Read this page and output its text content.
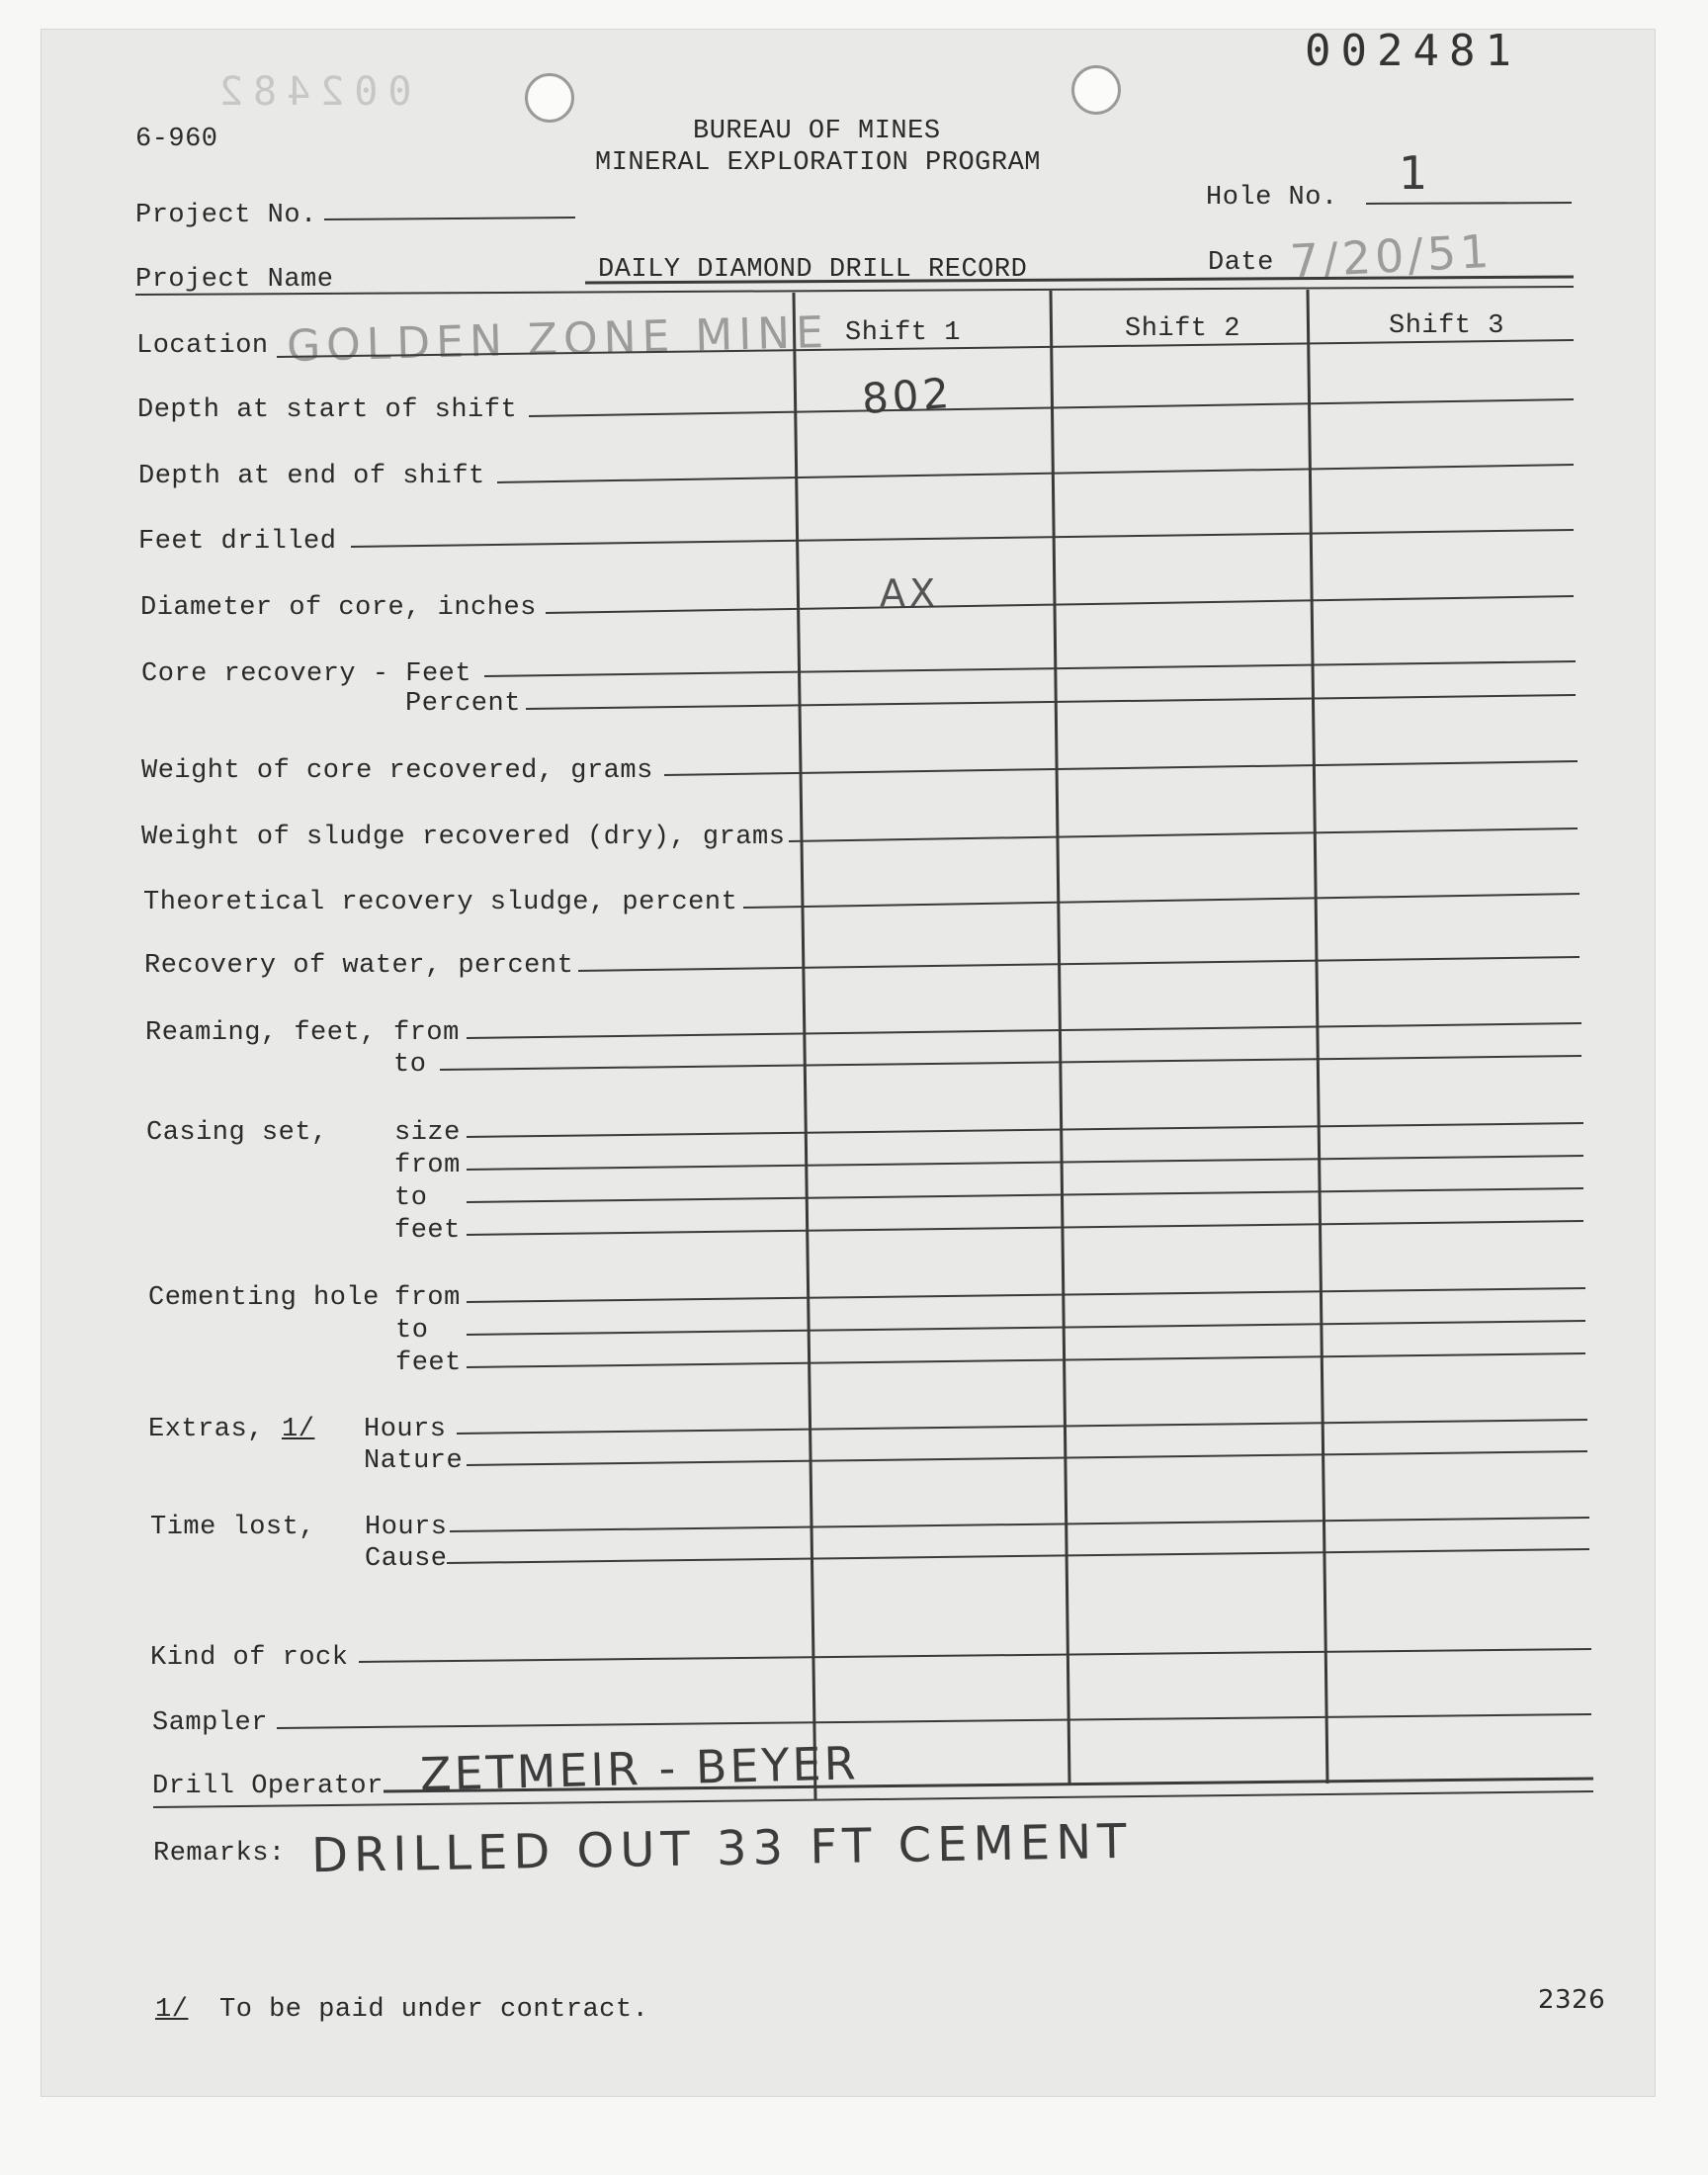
002481
002482
6-960	BUREAU OF MINES
MINERAL EXPLORATION PROGRAM
Project No.
Hole No. 1
Project Name	DAILY DIAMOND DRILL RECORD	Date 7/20/51
Shift 1	Shift 2	Shift 3
Location GOLDEN ZONE MINE
Depth at start of shift	802
Depth at end of shift
Feet drilled
Diameter of core, inches	AX
Core recovery - Feet
Percent
Weight of core recovered, grams
Weight of sludge recovered (dry), grams
Theoretical recovery sludge, percent
Recovery of water, percent
Reaming, feet, from
to
Casing set, size
from
to
feet
Cementing hole from
to
feet
Extras, 1/ Hours
Nature
Time lost, Hours
Cause
Kind of rock
Sampler
Drill Operator ZETMEIR - BEYER
Remarks: DRILLED OUT 33 FT CEMENT
1/ To be paid under contract.	2326
